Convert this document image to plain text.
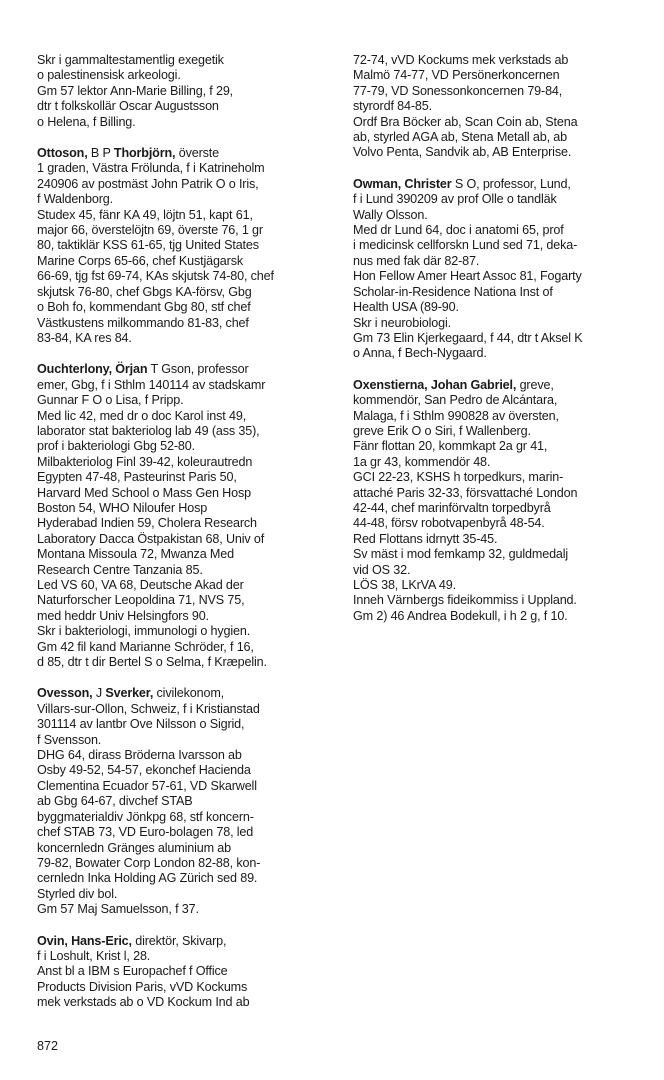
Skr i gammaltestamentlig exegetik
o palestinensisk arkeologi.
Gm 57 lektor Ann-Marie Billing, f 29,
dtr t folkskollär Oscar Augustsson
o Helena, f Billing.
Ottoson, B P Thorbjörn, överste
1 graden, Västra Frölunda, f i Katrineholm
240906 av postmäst John Patrik O o Iris,
f Waldenborg.
Studex 45, fänr KA 49, löjtn 51, kapt 61,
major 66, överstelöjtn 69, överste 76, 1 gr
80, taktiklär KSS 61-65, tjg United States
Marine Corps 65-66, chef Kustjägarsk
66-69, tjg fst 69-74, KAs skjutsk 74-80, chef
skjutsk 76-80, chef Gbgs KA-försv, Gbg
o Boh fo, kommendant Gbg 80, stf chef
Västkustens milkommando 81-83, chef
83-84, KA res 84.
Ouchterlony, Örjan T Gson, professor
emer, Gbg, f i Sthlm 140114 av stadskamr
Gunnar F O o Lisa, f Pripp.
Med lic 42, med dr o doc Karol inst 49,
laborator stat bakteriolog lab 49 (ass 35),
prof i bakteriologi Gbg 52-80.
Milbakteriolog Finl 39-42, koleurautredn
Egypten 47-48, Pasteurinst Paris 50,
Harvard Med School o Mass Gen Hosp
Boston 54, WHO Niloufer Hosp
Hyderabad Indien 59, Cholera Research
Laboratory Dacca Östpakistan 68, Univ of
Montana Missoula 72, Mwanza Med
Research Centre Tanzania 85.
Led VS 60, VA 68, Deutsche Akad der
Naturforscher Leopoldina 71, NVS 75,
med heddr Univ Helsingfors 90.
Skr i bakteriologi, immunologi o hygien.
Gm 42 fil kand Marianne Schröder, f 16,
d 85, dtr t dir Bertel S o Selma, f Kræpelin.
Ovesson, J Sverker, civilekonom,
Villars-sur-Ollon, Schweiz, f i Kristianstad
301114 av lantbr Ove Nilsson o Sigrid,
f Svensson.
DHG 64, dirass Bröderna Ivarsson ab
Osby 49-52, 54-57, ekonchef Hacienda
Clementina Ecuador 57-61, VD Skarwell
ab Gbg 64-67, divchef STAB
byggmaterialdiv Jönkpg 68, stf koncern-
chef STAB 73, VD Euro-bolagen 78, led
koncernledn Gränges aluminium ab
79-82, Bowater Corp London 82-88, kon-
cernledn Inka Holding AG Zürich sed 89.
Styrled div bol.
Gm 57 Maj Samuelsson, f 37.
Ovin, Hans-Eric, direktör, Skivarp,
f i Loshult, Krist l, 28.
Anst bl a IBM s Europachef f Office
Products Division Paris, vVD Kockums
mek verkstads ab o VD Kockum Ind ab
72-74, vVD Kockums mek verkstads ab
Malmö 74-77, VD Persönerkoncernen
77-79, VD Sonessonkoncernen 79-84,
styrordf 84-85.
Ordf Bra Böcker ab, Scan Coin ab, Stena
ab, styrled AGA ab, Stena Metall ab, ab
Volvo Penta, Sandvik ab, AB Enterprise.
Owman, Christer S O, professor, Lund,
f i Lund 390209 av prof Olle o tandläk
Wally Olsson.
Med dr Lund 64, doc i anatomi 65, prof
i medicinsk cellforskn Lund sed 71, deka-
nus med fak där 82-87.
Hon Fellow Amer Heart Assoc 81, Fogarty
Scholar-in-Residence Nationa Inst of
Health USA (89-90.
Skr i neurobiologi.
Gm 73 Elin Kjerkegaard, f 44, dtr t Aksel K
o Anna, f Bech-Nygaard.
Oxenstierna, Johan Gabriel, greve,
kommendör, San Pedro de Alcántara,
Malaga, f i Sthlm 990828 av översten,
greve Erik O o Siri, f Wallenberg.
Fänr flottan 20, kommkapt 2a gr 41,
1a gr 43, kommendör 48.
GCI 22-23, KSHS h torpedkurs, marin-
attaché Paris 32-33, försvattaché London
42-44, chef marinförvaltn torpedbyrå
44-48, försv robotvapenbyrå 48-54.
Red Flottans idrnytt 35-45.
Sv mäst i mod femkamp 32, guldmedalj
vid OS 32.
LÖS 38, LKrVA 49.
Inneh Värnbergs fideikommiss i Uppland.
Gm 2) 46 Andrea Bodekull, i h 2 g, f 10.
872
